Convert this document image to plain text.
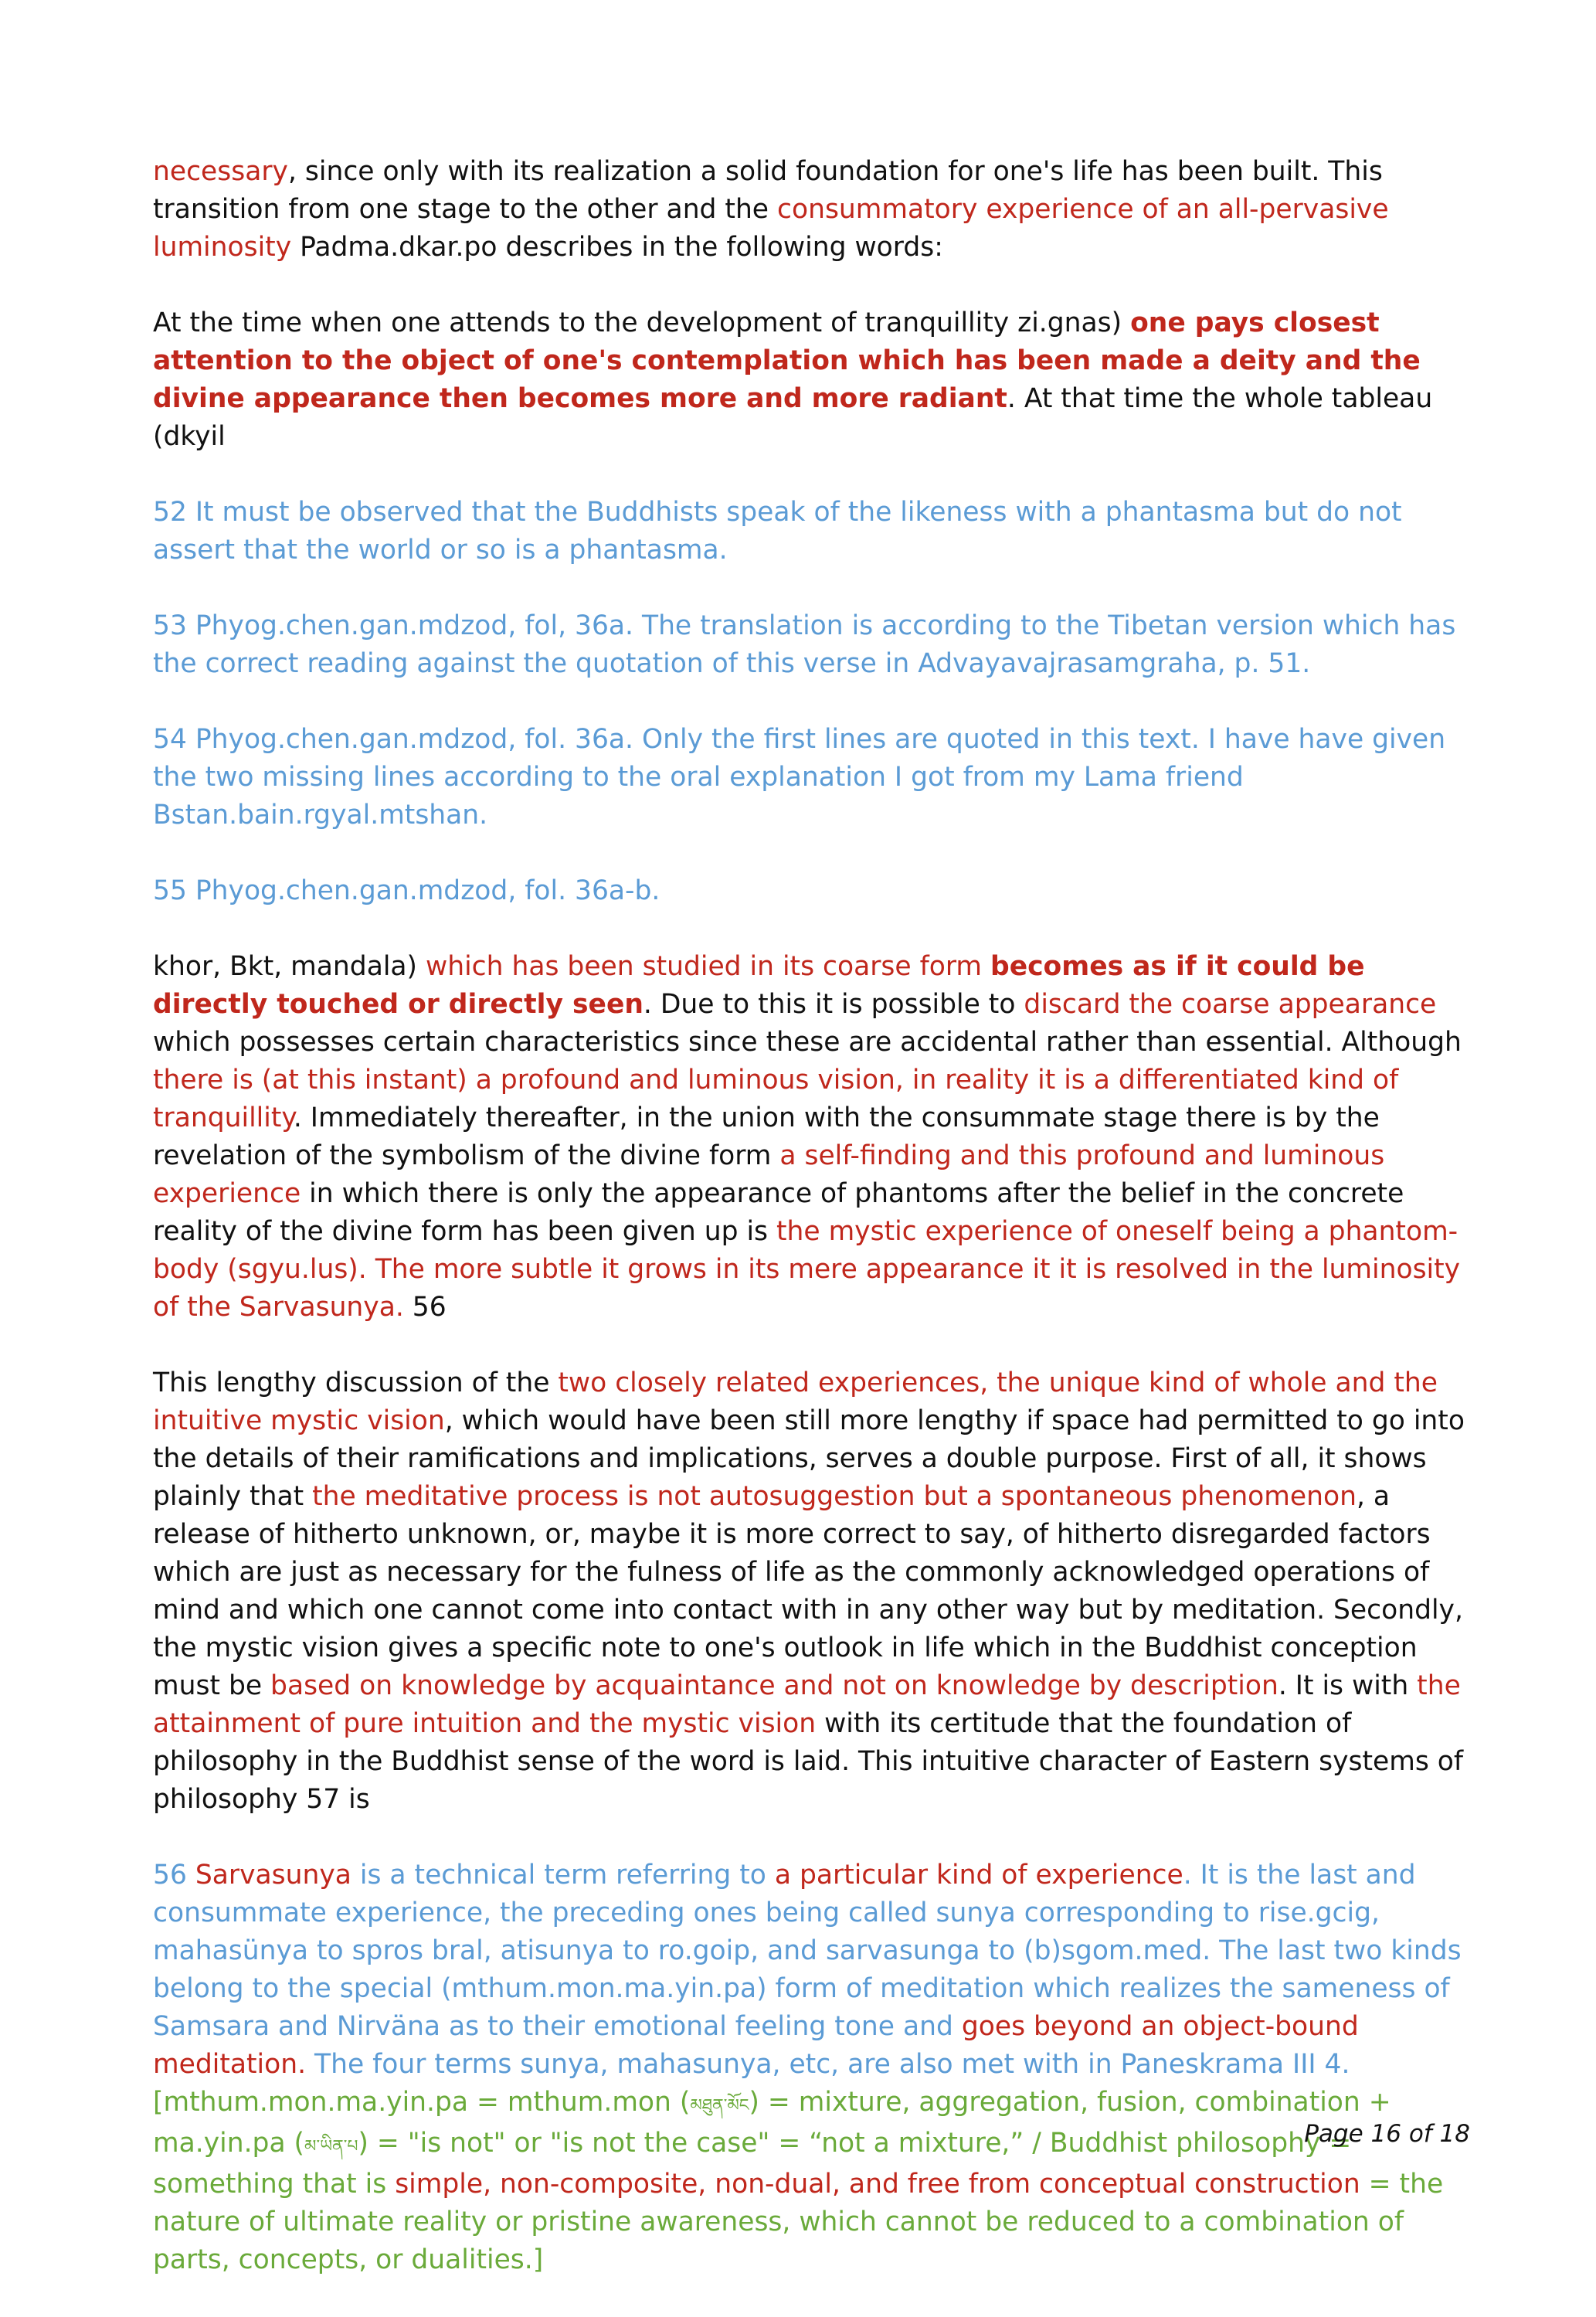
necessary, since only with its realization a solid foundation for one's life has been built. This transition from one stage to the other and the consummatory experience of an all-pervasive luminosity Padma.dkar.po describes in the following words:

At the time when one attends to the development of tranquillity zi.gnas) one pays closest attention to the object of one's contemplation which has been made a deity and the divine appearance then becomes more and more radiant. At that time the whole tableau (dkyil

52 It must be observed that the Buddhists speak of the likeness with a phantasma but do not assert that the world or so is a phantasma.

53 Phyog.chen.gan.mdzod, fol, 36a. The translation is according to the Tibetan version which has the correct reading against the quotation of this verse in Advayavajrasamgraha, p. 51.

54 Phyog.chen.gan.mdzod, fol. 36a. Only the first lines are quoted in this text. I have have given the two missing lines according to the oral explanation I got from my Lama friend Bstan.bain.rgyal.mtshan.

55 Phyog.chen.gan.mdzod, fol. 36a-b.

khor, Bkt, mandala) which has been studied in its coarse form becomes as if it could be directly touched or directly seen. Due to this it is possible to discard the coarse appearance which possesses certain characteristics since these are accidental rather than essential. Although there is (at this instant) a profound and luminous vision, in reality it is a differentiated kind of tranquillity. Immediately thereafter, in the union with the consummate stage there is by the revelation of the symbolism of the divine form a self-finding and this profound and luminous experience in which there is only the appearance of phantoms after the belief in the concrete reality of the divine form has been given up is the mystic experience of oneself being a phantom-body (sgyu.lus). The more subtle it grows in its mere appearance it it is resolved in the luminosity of the Sarvasunya. 56

This lengthy discussion of the two closely related experiences, the unique kind of whole and the intuitive mystic vision, which would have been still more lengthy if space had permitted to go into the details of their ramifications and implications, serves a double purpose. First of all, it shows plainly that the meditative process is not autosuggestion but a spontaneous phenomenon, a release of hitherto unknown, or, maybe it is more correct to say, of hitherto disregarded factors which are just as necessary for the fulness of life as the commonly acknowledged operations of mind and which one cannot come into contact with in any other way but by meditation. Secondly, the mystic vision gives a specific note to one's outlook in life which in the Buddhist conception must be based on knowledge by acquaintance and not on knowledge by description. It is with the attainment of pure intuition and the mystic vision with its certitude that the foundation of philosophy in the Buddhist sense of the word is laid. This intuitive character of Eastern systems of philosophy 57 is

56 Sarvasunya is a technical term referring to a particular kind of experience. It is the last and consummate experience, the preceding ones being called sunya corresponding to rise.gcig, mahasünya to spros bral, atisunya to ro.goip, and sarvasunga to (b)sgom.med. The last two kinds belong to the special (mthum.mon.ma.yin.pa) form of meditation which realizes the sameness of Samsara and Nirväna as to their emotional feeling tone and goes beyond an object-bound meditation. The four terms sunya, mahasunya, etc, are also met with in Paneskrama III 4. [mthum.mon.ma.yin.pa = mthum.mon (མཐུན་མོང) = mixture, aggregation, fusion, combination + ma.yin.pa (མ་ཡིན་པ) = "is not" or "is not the case" = “not a mixture,” / Buddhist philosophy = something that is simple, non-composite, non-dual, and free from conceptual construction = the nature of ultimate reality or pristine awareness, which cannot be reduced to a combination of parts, concepts, or dualities.]

Page 16 of 18
